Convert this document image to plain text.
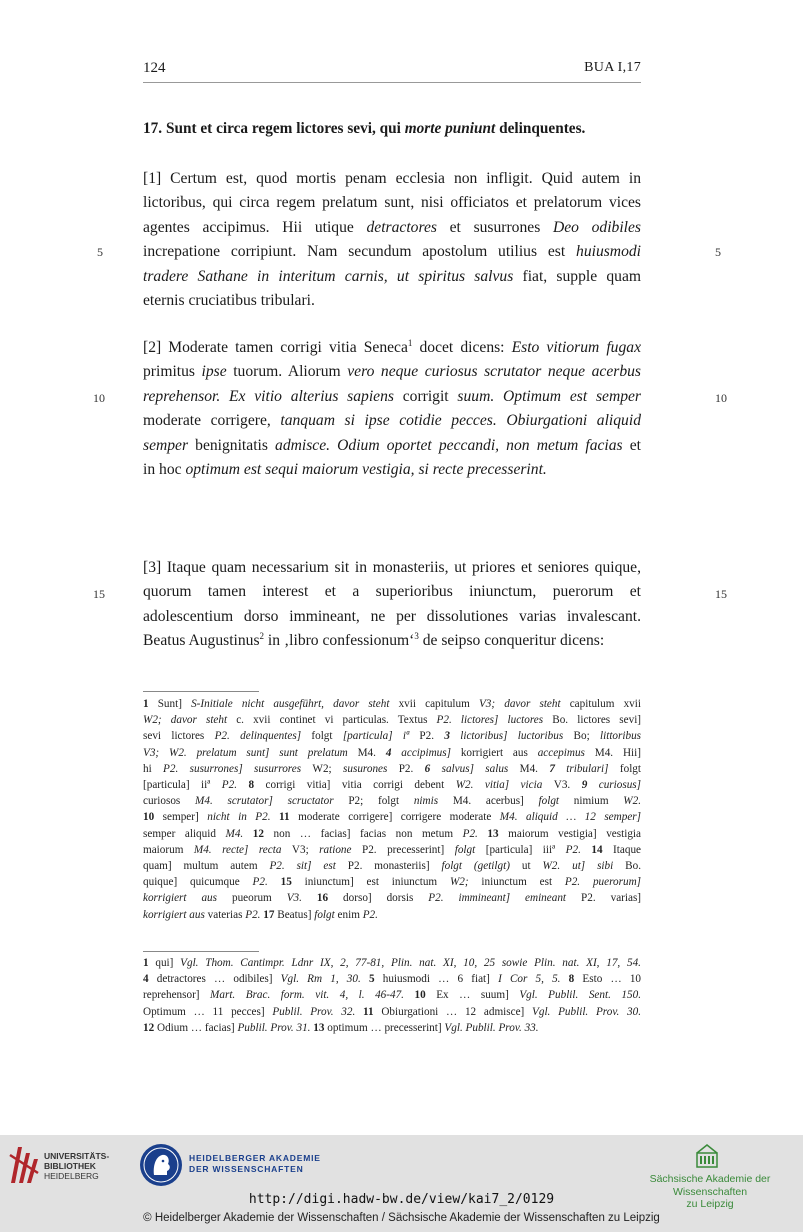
124	BUA I,17
17. Sunt et circa regem lictores sevi, qui morte puniunt delinquentes.
[1] Certum est, quod mortis penam ecclesia non infligit. Quid autem in
lictoribus, qui circa regem prelatum sunt, nisi officiatos et prelatorum vices
agentes accipimus. Hii utique detractores et susurrones Deo odibiles
increpatione corripiunt. Nam secundum apostolum utilius est huiusmodi
tradere Sathane in interitum carnis, ut spiritus salvus fiat, supple quam
eternis cruciatibus tribulari.
[2] Moderate tamen corrigi vitia Seneca$^1$ docet dicens: Esto vitiorum fugax
primitus ipse tuorum. Aliorum vero neque curiosus scrutator neque acerbus
reprehensor. Ex vitio alterius sapiens corrigit suum. Optimum est semper
moderate corrigere, tanquam si ipse cotidie pecces. Obiurgationi aliquid
semper benignitatis admisce. Odium oportet peccandi, non metum facias et
in hoc optimum est sequi maiorum vestigia, si recte precesserint.
[3] Itaque quam necessarium sit in monasteriis, ut priores et seniores quique,
quorum tamen interest et a superioribus iniunctum, puerorum et
adolescentium dorso immineant, ne per dissolutiones varias invalescant.
Beatus Augustinus$^2$ in ‚libro confessionum‘$^3$ de seipso conqueritur dicens:
5	5
10	10
15	15
1 Sunt] S-Initiale nicht ausgeführt, davor steht xvii capitulum V3; davor steht capitulum xvii
W2; davor steht c. xvii continet vi particulas. Textus P2. lictores] luctores Bo. lictores sevi]
sevi lictores P2. delinquentes] folgt [particula] iª P2. 3 lictoribus] luctoribus Bo; littoribus
V3; W2. prelatum sunt] sunt prelatum M4. 4 accipimus] korrigiert aus accepimus M4. Hii]
hi P2. susurrones] susurrores W2; susurones P2. 6 salvus] salus M4. 7 tribulari] folgt
[particula] iiª P2. 8 corrigi vitia] vitia corrigi debent W2. vitia] vicia V3. 9 curiosus]
curiosos M4. scrutator] scructator P2; folgt nimis M4. acerbus] folgt nimium W2.
10 semper] nicht in P2. 11 moderate corrigere] corrigere moderate M4. aliquid … 12 semper]
semper aliquid M4. 12 non … facias] facias non metum P2. 13 maiorum vestigia] vestigia
maiorum M4. recte] recta V3; ratione P2. precesserint] folgt [particula] iiiª P2. 14 Itaque
quam] multum autem P2. sit] est P2. monasteriis] folgt (getilgt) ut W2. ut] sibi Bo.
quique] quicumque P2. 15 iniunctum] est iniunctum W2; iniunctum est P2. puerorum]
korrigiert aus pueorum V3. 16 dorso] dorsis P2. immineant] emineant P2. varias]
korrigiert aus vaterias P2. 17 Beatus] folgt enim P2.
1 qui] Vgl. Thom. Cantimpr. Ldnr IX, 2, 77-81, Plin. nat. XI, 10, 25 sowie Plin. nat. XI, 17, 54.
4 detractores … odibiles] Vgl. Rm 1, 30. 5 huiusmodi … 6 fiat] I Cor 5, 5. 8 Esto … 10
reprehensor] Mart. Brac. form. vit. 4, l. 46-47. 10 Ex … suum] Vgl. Publil. Sent. 150.
Optimum … 11 pecces] Publil. Prov. 32. 11 Obiurgationi … 12 admisce] Vgl. Publil. Prov. 30.
12 Odium … facias] Publil. Prov. 31. 13 optimum … precesserint] Vgl. Publil. Prov. 33.
UNIVERSITÄTS-
BIBLIOTHEK
HEIDELBERG
HEIDELBERGER AKADEMIE
DER WISSENSCHAFTEN
Sächsische Akademie der Wissenschaften
zu Leipzig
http://digi.hadw-bw.de/view/kai7_2/0129
© Heidelberger Akademie der Wissenschaften / Sächsische Akademie der Wissenschaften zu Leipzig
